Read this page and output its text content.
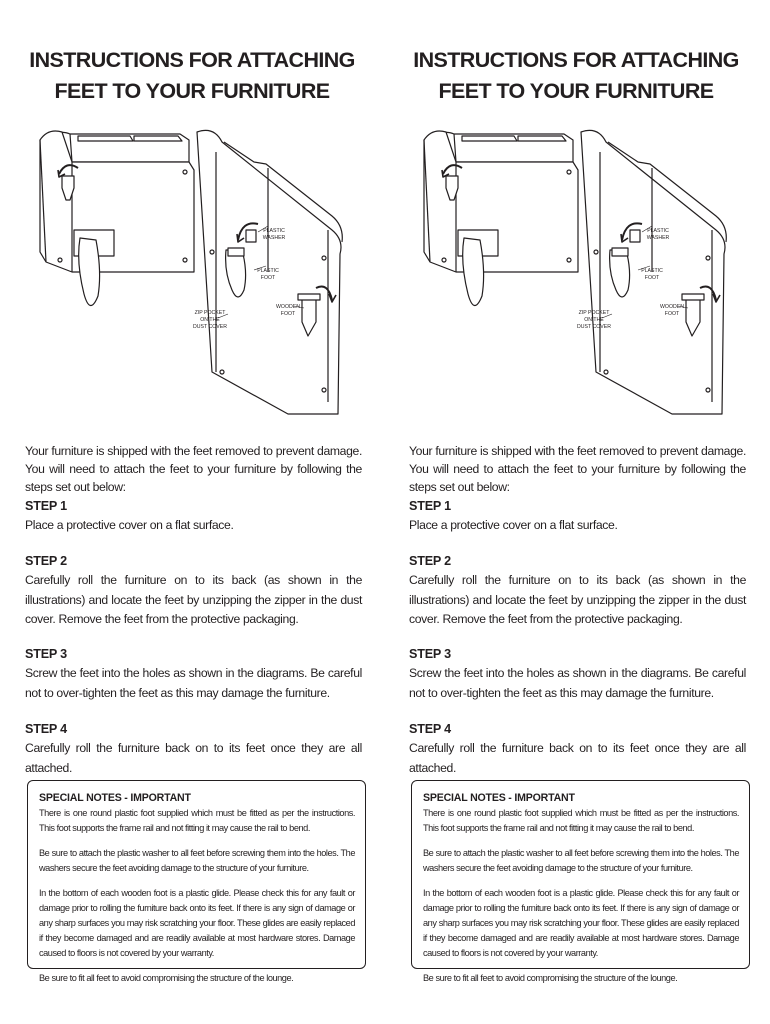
INSTRUCTIONS FOR ATTACHING
FEET TO YOUR FURNITURE
PLASTIC
WASHER
PLASTIC
FOOT
ZIP POCKET
ON THE
DUST COVER
WOODEN
FOOT
Your furniture is shipped with the feet removed to prevent damage. You will need to attach the feet to your furniture by following the steps set out below:
STEP 1
Place a protective cover on a flat surface.
STEP 2
Carefully roll the furniture on to its back (as shown in the illustrations) and locate the feet by unzipping the zipper in the dust cover. Remove the feet from the protective packaging.
STEP 3
Screw the feet into the holes as shown in the diagrams. Be careful not to over-tighten the feet as this may damage the furniture.
STEP 4
Carefully roll the furniture back on to its feet once they are all attached.
SPECIAL NOTES - IMPORTANT

There is one round plastic foot supplied which must be fitted as per the instructions. This foot supports the frame rail and not fitting it may cause the rail to bend.

Be sure to attach the plastic washer to all feet before screwing them into the holes. The washers secure the feet avoiding damage to the structure of your furniture.

In the bottom of each wooden foot is a plastic glide. Please check this for any fault or damage prior to rolling the furniture back onto its feet. If there is any sign of damage or any sharp surfaces you may risk scratching your floor. These glides are easily replaced if they become damaged and are readily available at most hardware stores. Damage caused to floors is not covered by your warranty.

Be sure to fit all feet to avoid compromising the structure of the lounge.

INSTRUCTIONS FOR ATTACHING
FEET TO YOUR FURNITURE
PLASTIC
WASHER
PLASTIC
FOOT
ZIP POCKET
ON THE
DUST COVER
WOODEN
FOOT
Your furniture is shipped with the feet removed to prevent damage. You will need to attach the feet to your furniture by following the steps set out below:
STEP 1
Place a protective cover on a flat surface.
STEP 2
Carefully roll the furniture on to its back (as shown in the illustrations) and locate the feet by unzipping the zipper in the dust cover. Remove the feet from the protective packaging.
STEP 3
Screw the feet into the holes as shown in the diagrams. Be careful not to over-tighten the feet as this may damage the furniture.
STEP 4
Carefully roll the furniture back on to its feet once they are all attached.
SPECIAL NOTES - IMPORTANT

There is one round plastic foot supplied which must be fitted as per the instructions. This foot supports the frame rail and not fitting it may cause the rail to bend.

Be sure to attach the plastic washer to all feet before screwing them into the holes. The washers secure the feet avoiding damage to the structure of your furniture.

In the bottom of each wooden foot is a plastic glide. Please check this for any fault or damage prior to rolling the furniture back onto its feet. If there is any sign of damage or any sharp surfaces you may risk scratching your floor. These glides are easily replaced if they become damaged and are readily available at most hardware stores. Damage caused to floors is not covered by your warranty.

Be sure to fit all feet to avoid compromising the structure of the lounge.
